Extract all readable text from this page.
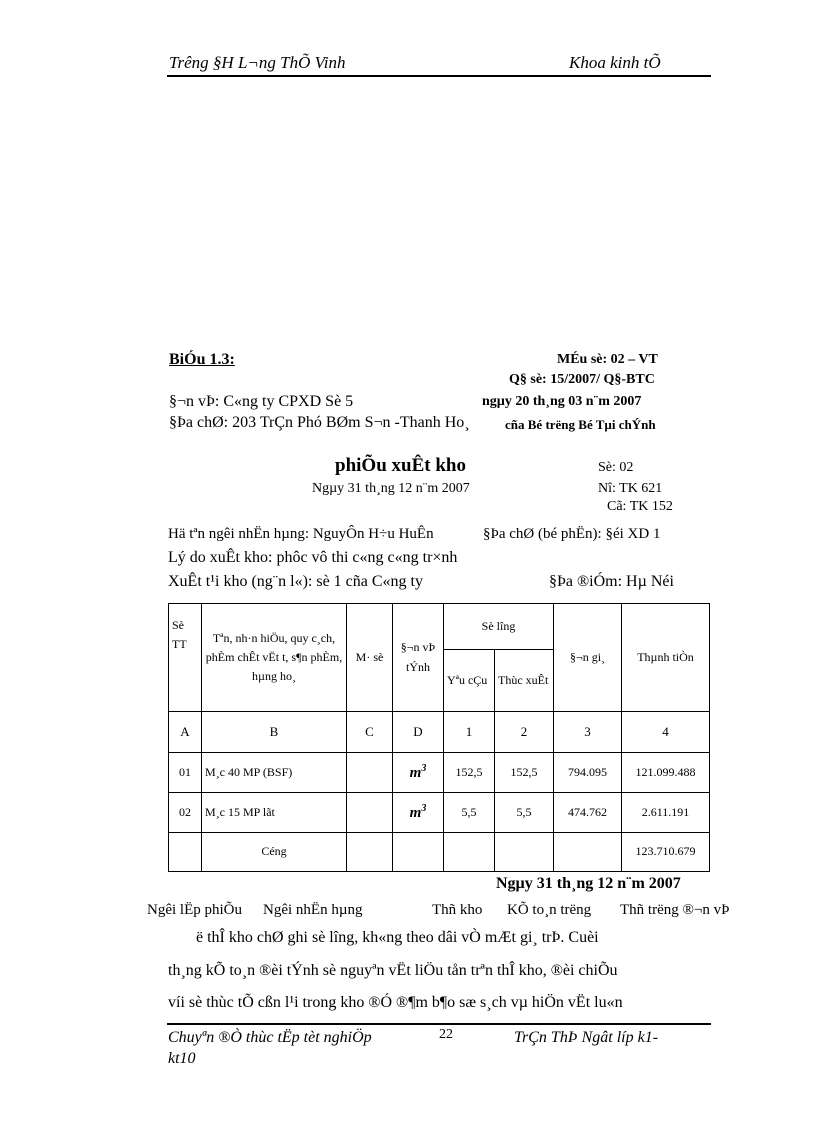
Trêng §H L¬ng ThÕ Vinh	Khoa kinh tÕ
BiÓu 1.3:	MÉu sè: 02 – VT
Q§ sè: 15/2007/ Q§-BTC
§¬n vÞ: C«ng ty CPXD Sè 5	ngµy 20 th¸ng 03 n¨m 2007
§Þa chØ: 203 TrÇn Phó BØm S¬n -Thanh Ho¸	cña Bé trëng Bé Tµi chÝnh
phiÕu xuÊt kho
Ngµy 31 th¸ng 12 n¨m 2007
Sè: 02
Nî: TK 621
Cã: TK 152
Hä tªn ngêi nhËn hµng: NguyÔn H÷u HuÊn	§Þa chØ (bé phËn): §éi XD 1
Lý do xuÊt kho: phôc vô thi c«ng c«ng tr×nh
XuÊt t¹i kho (ng¨n l«): sè 1 cña C«ng ty	§Þa ®iÓm: Hµ Néi
Sè TT	Tªn, nh·n hiÖu, quy c¸ch, phÈm chÊt vËt t, s¶n phÈm, hµng ho¸	M· sè	§¬n vÞ tÝnh	Sè lîng		§¬n gi¸	Thµnh tiÒn
				Yªu cÇu	Thùc xuÊt		
A	B	C	D	1	2	3	4
01	M¸c 40 MP (BSF)		$m^3$	152,5	152,5	794.095	121.099.488
02	M¸c 15 MP lãt		$m^3$	5,5	5,5	474.762	2.611.191
	Céng						123.710.679
Ngµy 31 th¸ng 12 n¨m 2007
Ngêi lËp phiÕu Ngêi nhËn hµng	Thñ kho KÕ to¸n trëng Thñ trëng ®¬n vÞ
ë thÎ kho chØ ghi sè lîng, kh«ng theo dâi vÒ mÆt gi¸ trÞ. Cuèi
th¸ng kÕ to¸n ®èi tÝnh sè nguyªn vËt liÖu tån trªn thÎ kho, ®èi chiÕu
víi sè thùc tÕ cßn l¹i trong kho ®Ó ®¶m b¶o sæ s¸ch vµ hiÖn vËt lu«n
Chuyªn ®Ò thùc tËp tèt nghiÖp	22	TrÇn ThÞ Ngât líp k1-
kt10
